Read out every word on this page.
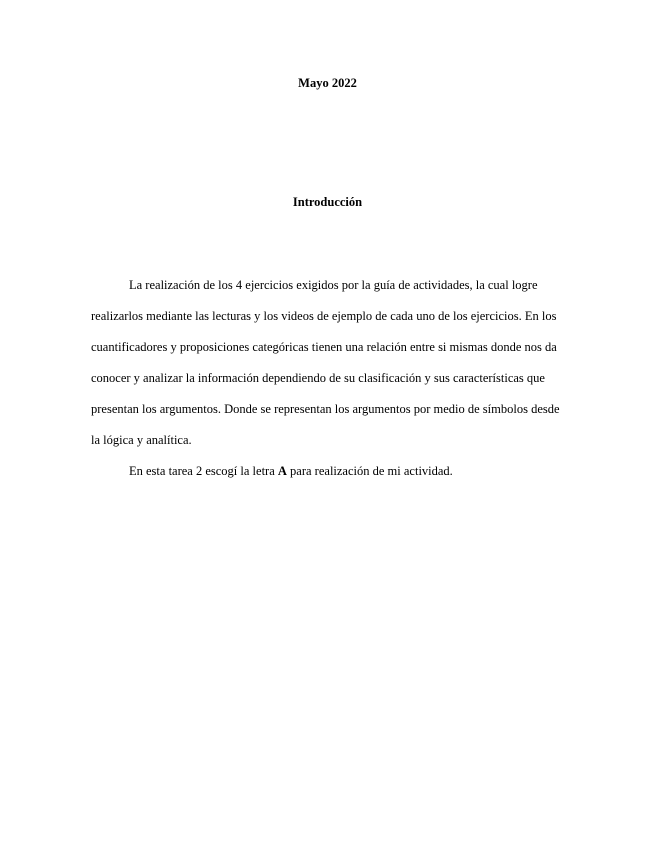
Mayo 2022
Introducción

La realización de los 4 ejercicios exigidos por la guía de actividades, la cual logre realizarlos mediante las lecturas y los videos de ejemplo de cada uno de los ejercicios. En los cuantificadores y proposiciones categóricas tienen una relación entre si mismas donde nos da conocer y analizar la información dependiendo de su clasificación y sus características que presentan los argumentos. Donde se representan los argumentos por medio de símbolos desde la lógica y analítica.

En esta tarea 2 escogí la letra A para realización de mi actividad.
